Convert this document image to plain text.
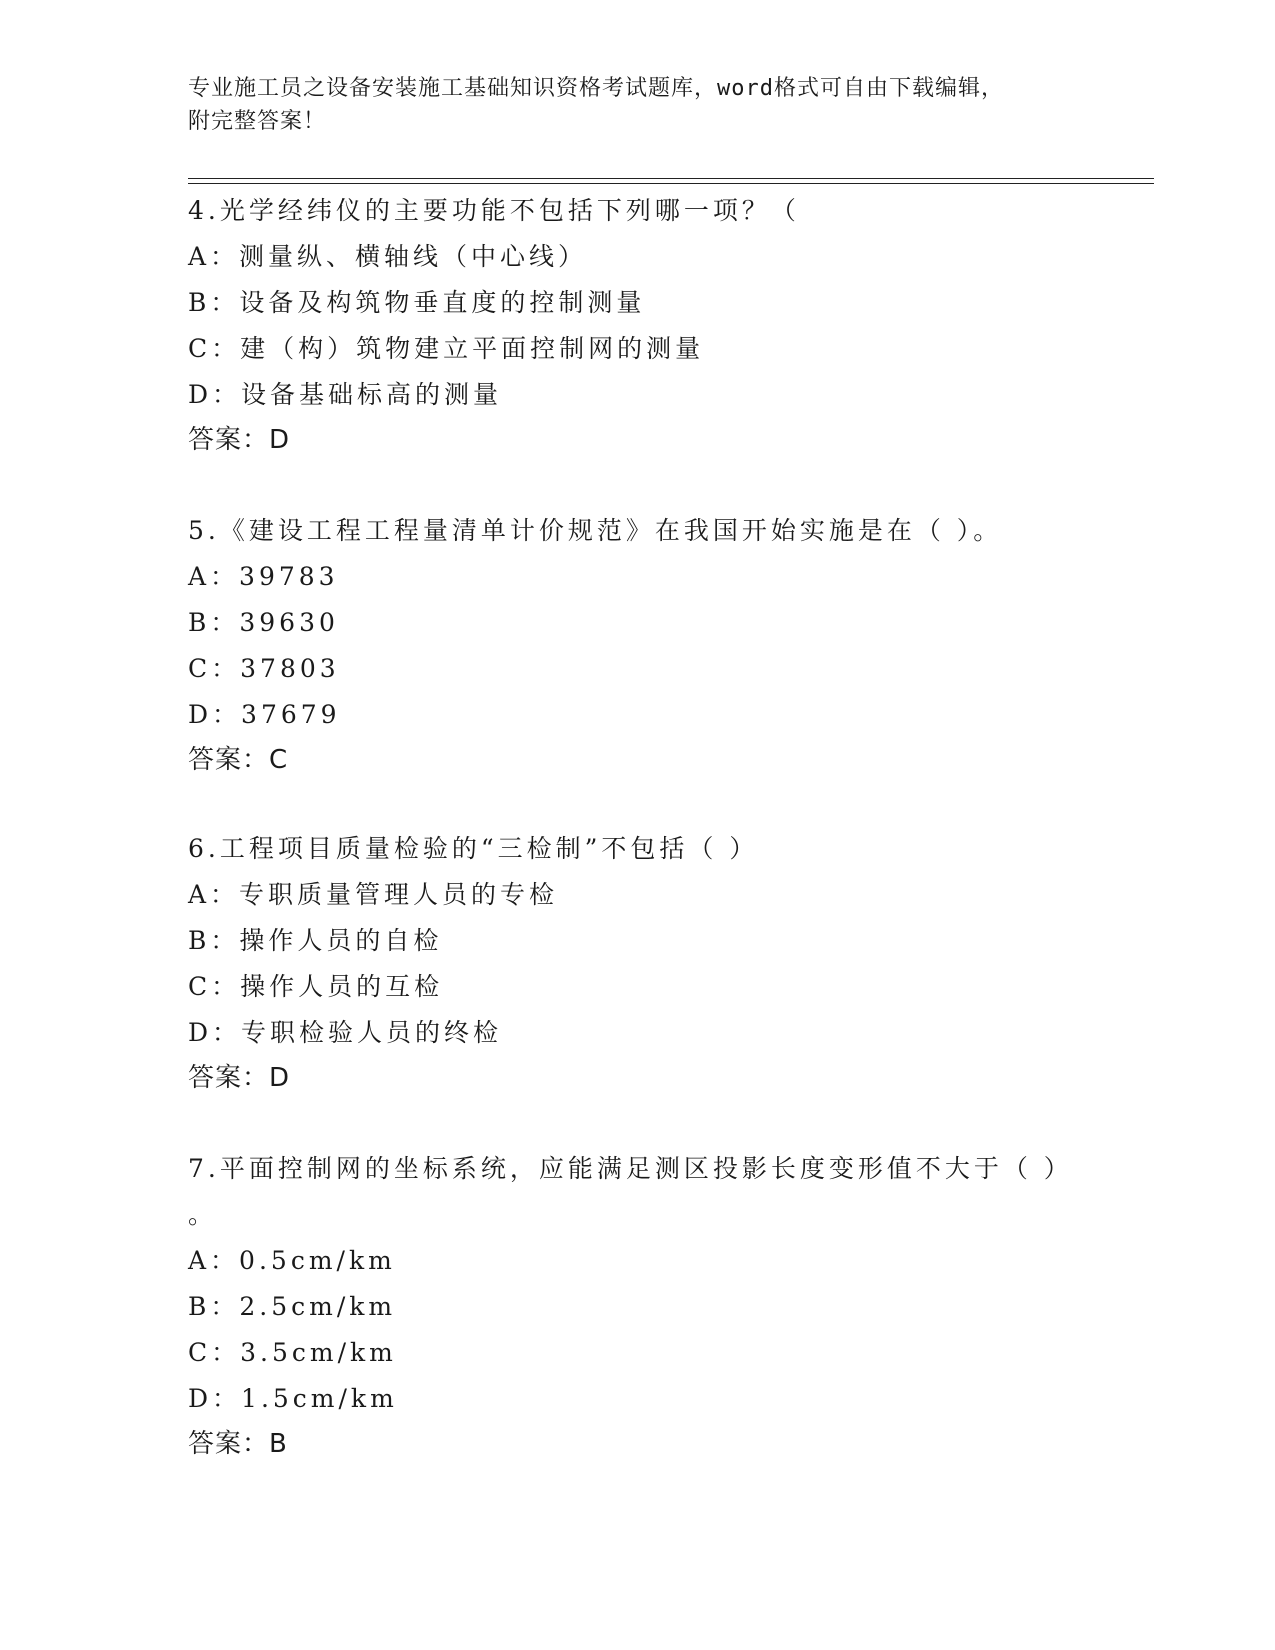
专业施工员之设备安装施工基础知识资格考试题库，word格式可自由下载编辑，
附完整答案！
4.光学经纬仪的主要功能不包括下列哪一项？（
A：测量纵、横轴线（中心线）
B：设备及构筑物垂直度的控制测量
C：建（构）筑物建立平面控制网的测量
D：设备基础标高的测量
答案：D
5.《建设工程工程量清单计价规范》在我国开始实施是在（ ）。
A：39783
B：39630
C：37803
D：37679
答案：C
6.工程项目质量检验的“三检制”不包括（ ）
A：专职质量管理人员的专检
B：操作人员的自检
C：操作人员的互检
D：专职检验人员的终检
答案：D
7.平面控制网的坐标系统，应能满足测区投影长度变形值不大于（ ）
。
A：0.5cm/km
B：2.5cm/km
C：3.5cm/km
D：1.5cm/km
答案：B
